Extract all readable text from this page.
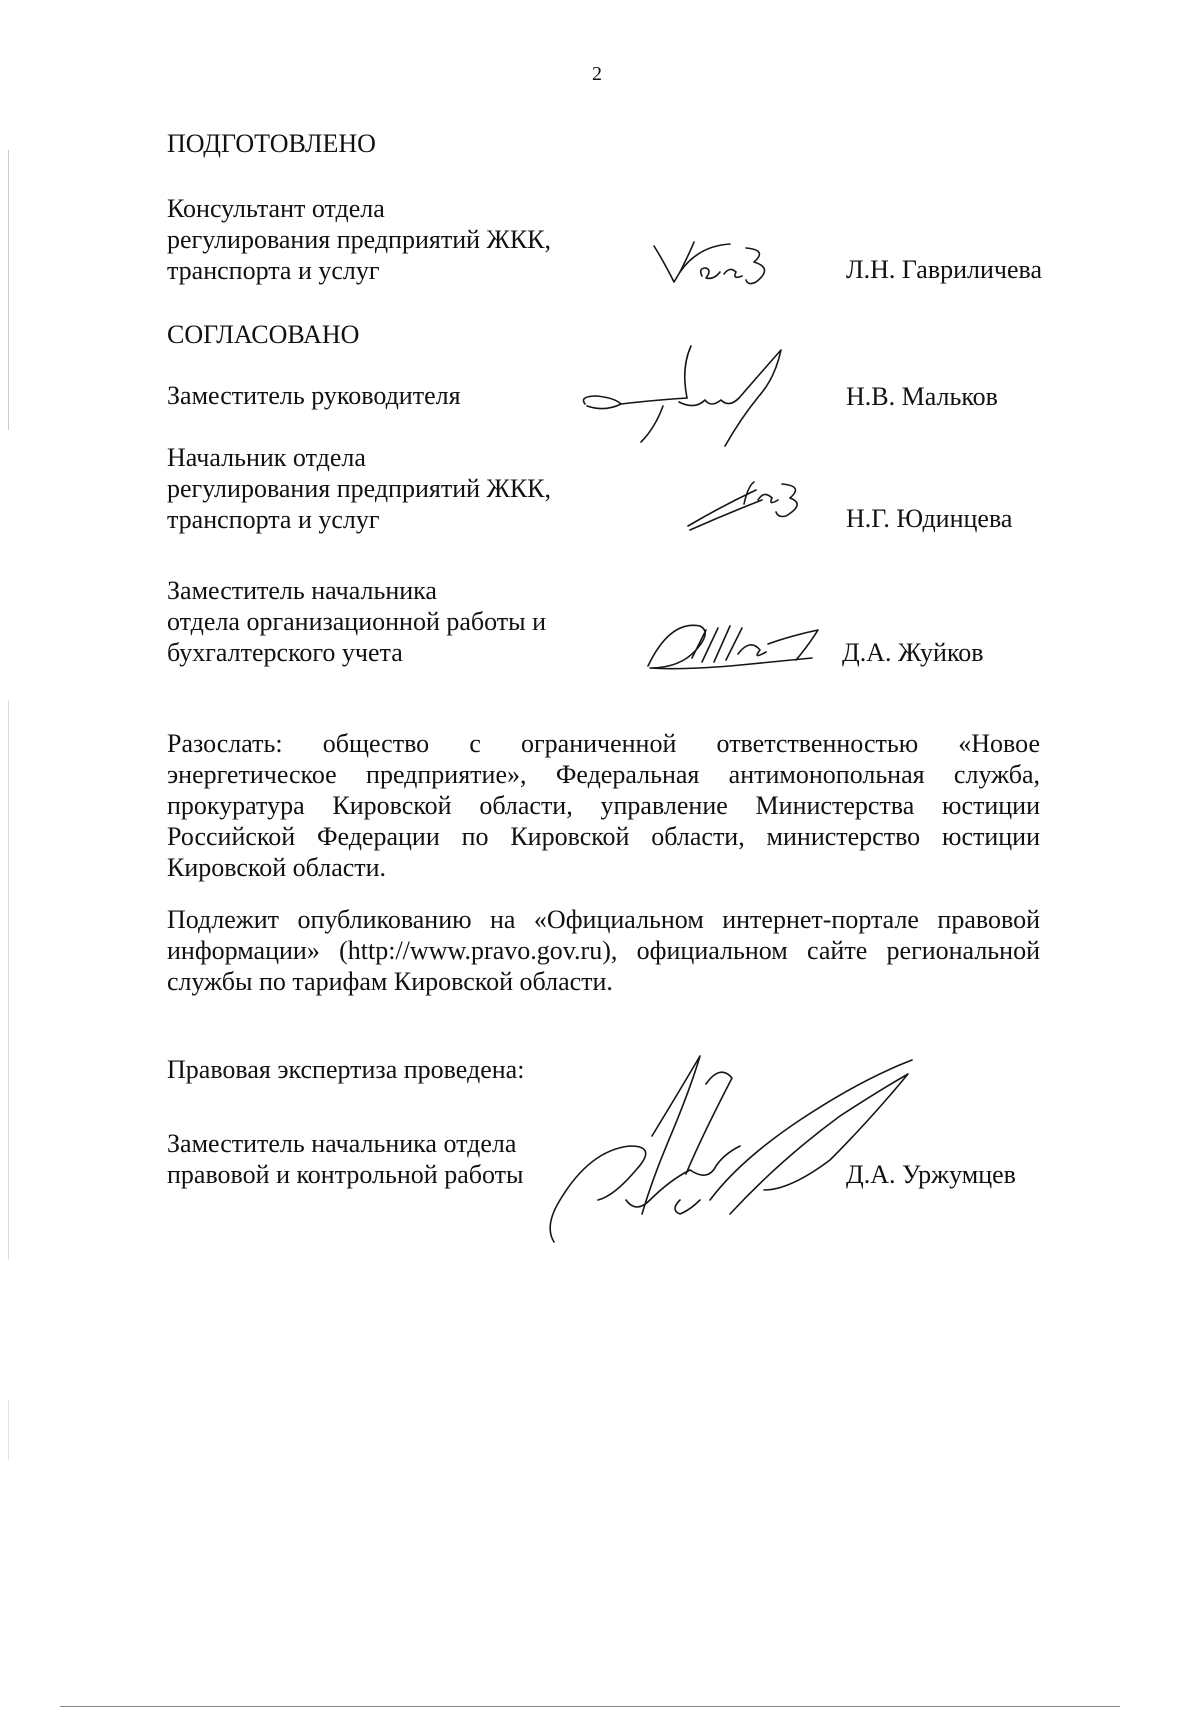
2
ПОДГОТОВЛЕНО
Консультант отдела
регулирования предприятий ЖКК,
транспорта и услуг	Л.Н. Гавриличева
СОГЛАСОВАНО
Заместитель руководителя	Н.В. Мальков
Начальник отдела
регулирования предприятий ЖКК,
транспорта и услуг	Н.Г. Юдинцева
Заместитель начальника
отдела организационной работы и
бухгалтерского учета	Д.А. Жуйков
Разослать: общество с ограниченной ответственностью «Новое
энергетическое предприятие», Федеральная антимонопольная служба,
прокуратура Кировской области, управление Министерства юстиции
Российской Федерации по Кировской области, министерство юстиции
Кировской области.
Подлежит опубликованию на «Официальном интернет-портале правовой
информации» (http://www.pravo.gov.ru), официальном сайте региональной
службы по тарифам Кировской области.
Правовая экспертиза проведена:
Заместитель начальника отдела
правовой и контрольной работы	Д.А. Уржумцев
